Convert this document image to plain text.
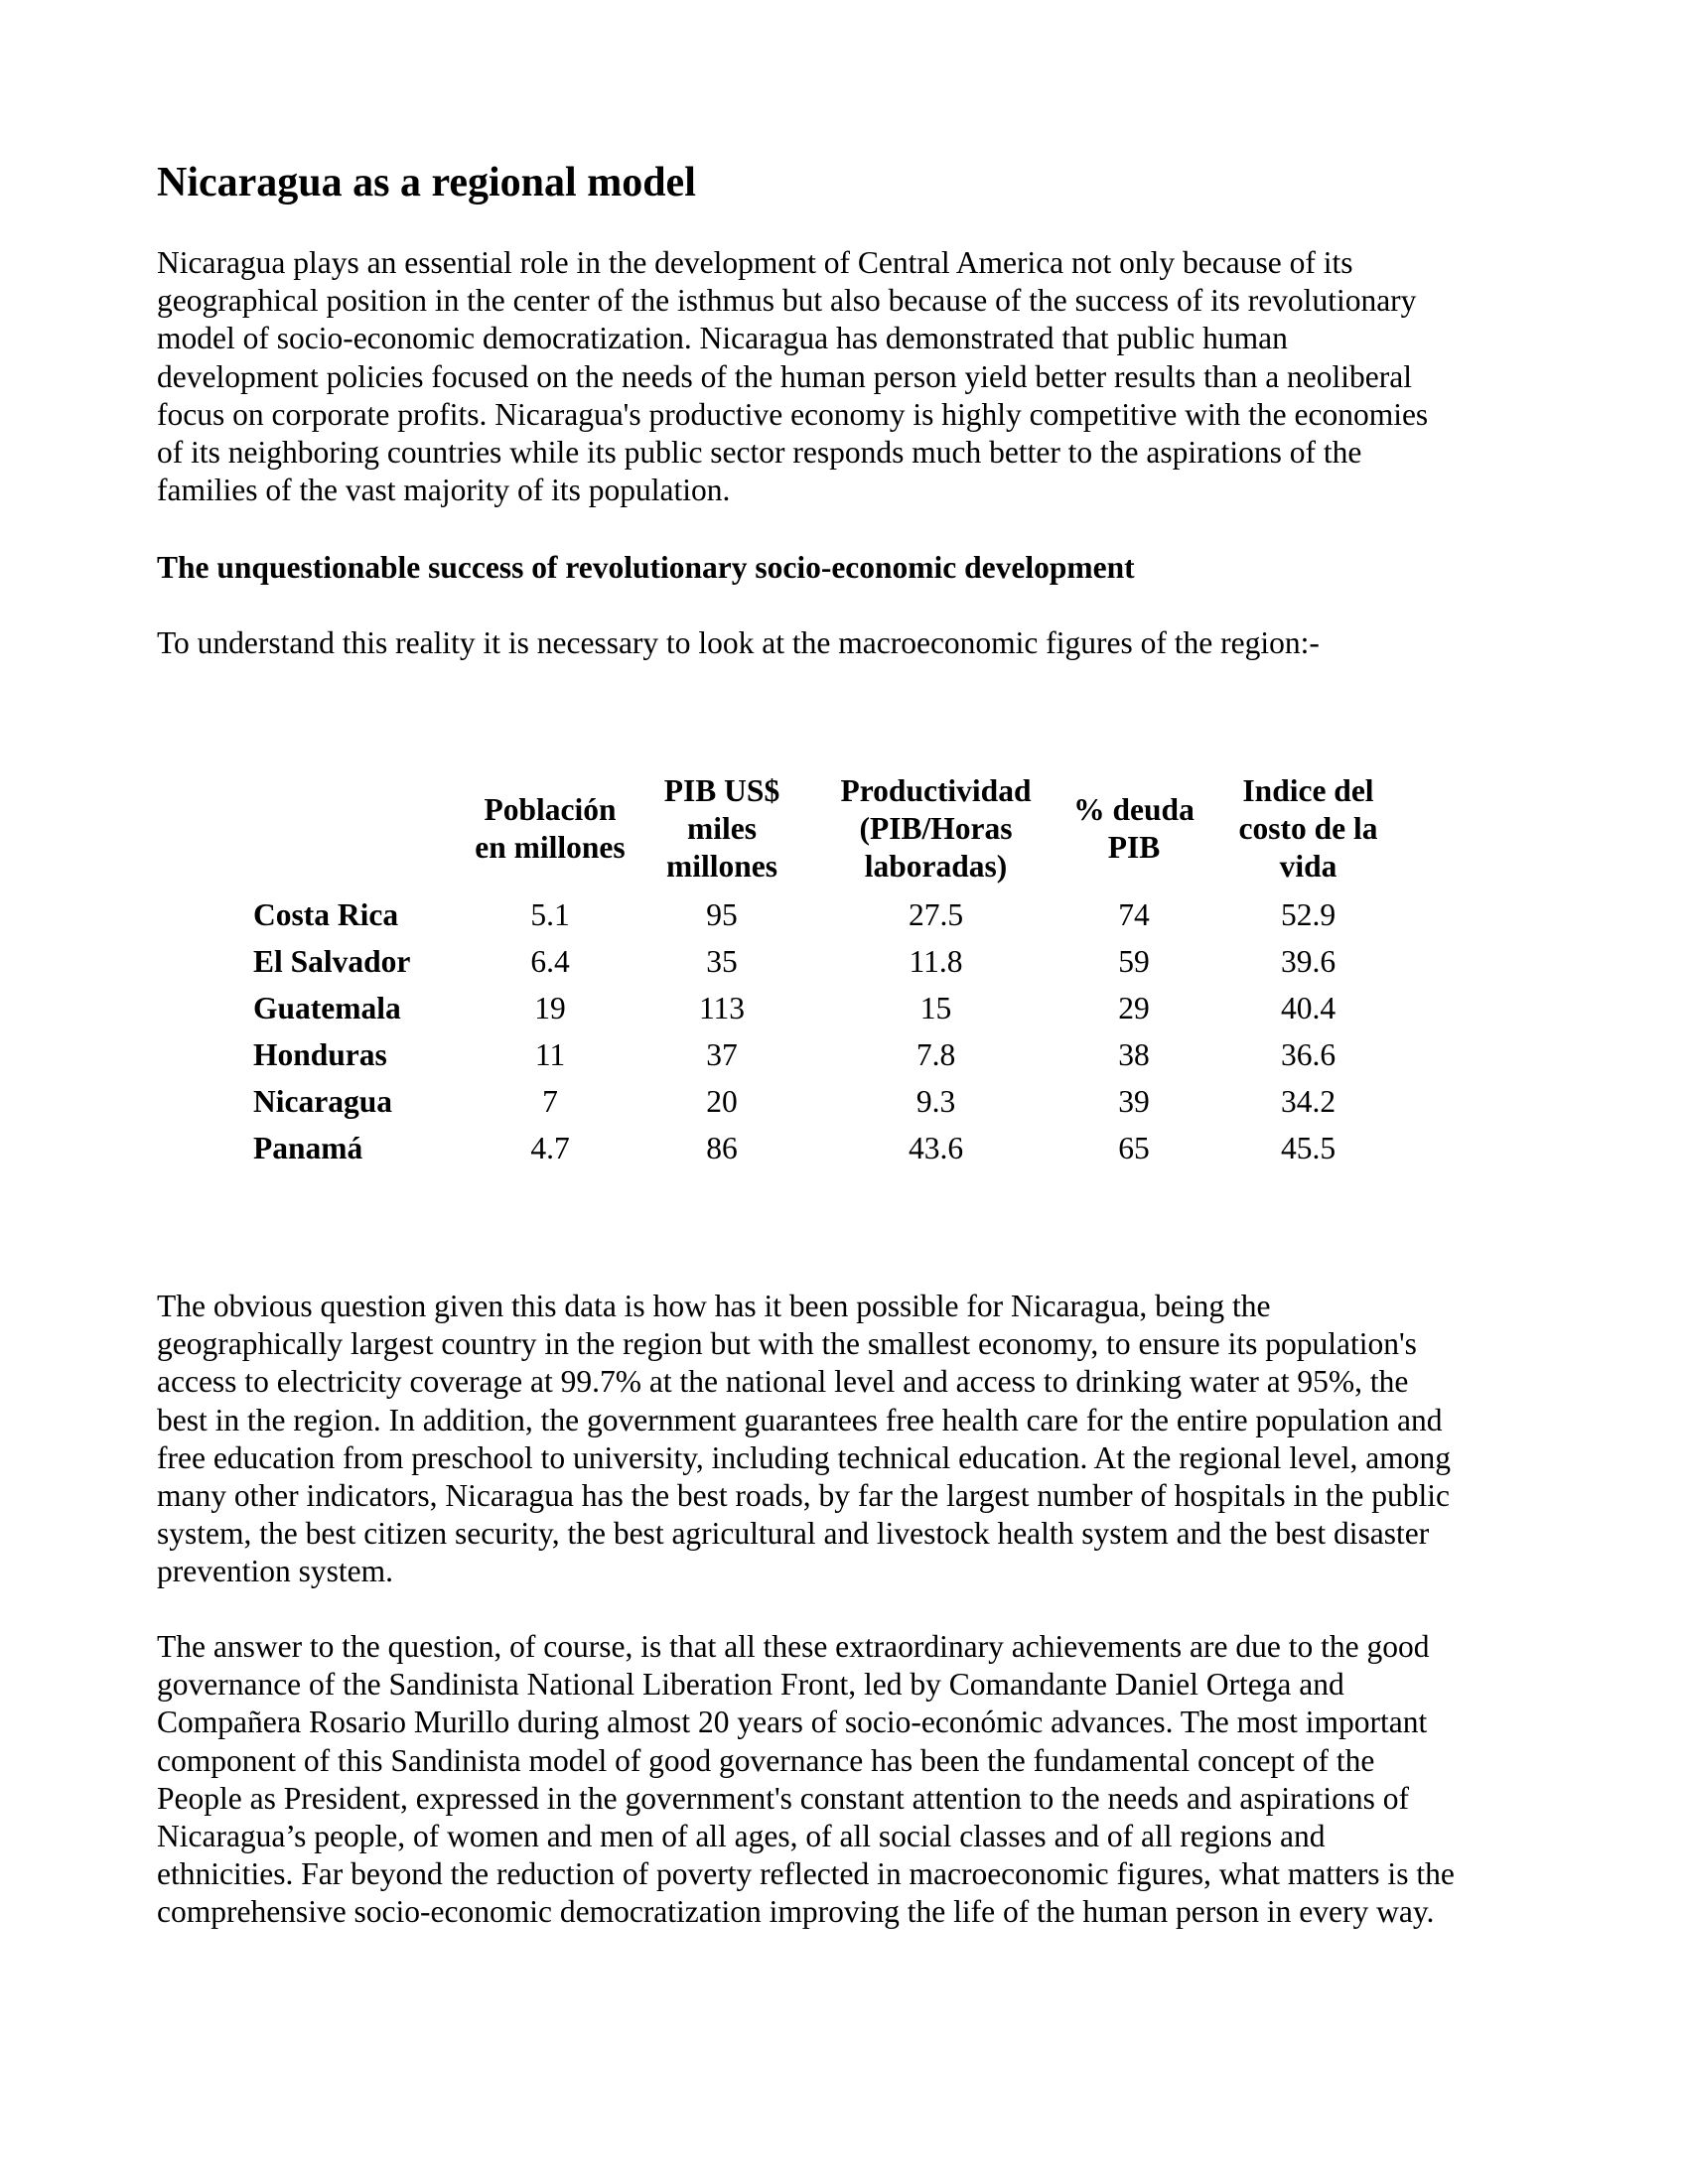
Nicaragua as a regional model

Nicaragua plays an essential role in the development of Central America not only because of its
geographical position in the center of the isthmus but also because of the success of its revolutionary
model of socio-economic democratization. Nicaragua has demonstrated that public human
development policies focused on the needs of the human person yield better results than a neoliberal
focus on corporate profits. Nicaragua's productive economy is highly competitive with the economies
of its neighboring countries while its public sector responds much better to the aspirations of the
families of the vast majority of its population.

The unquestionable success of revolutionary socio-economic development

To understand this reality it is necessary to look at the macroeconomic figures of the region:-

	Población
en millones	PIB US$
miles
millones	Productividad
(PIB/Horas
laboradas)	% deuda
PIB	Indice del
costo de la
vida
Costa Rica	5.1	95	27.5	74	52.9
El Salvador	6.4	35	11.8	59	39.6
Guatemala	19	113	15	29	40.4
Honduras	11	37	7.8	38	36.6
Nicaragua	7	20	9.3	39	34.2
Panamá	4.7	86	43.6	65	45.5

The obvious question given this data is how has it been possible for Nicaragua, being the
geographically largest country in the region but with the smallest economy, to ensure its population's
access to electricity coverage at 99.7% at the national level and access to drinking water at 95%, the
best in the region. In addition, the government guarantees free health care for the entire population and
free education from preschool to university, including technical education. At the regional level, among
many other indicators, Nicaragua has the best roads, by far the largest number of hospitals in the public
system, the best citizen security, the best agricultural and livestock health system and the best disaster
prevention system.

The answer to the question, of course, is that all these extraordinary achievements are due to the good
governance of the Sandinista National Liberation Front, led by Comandante Daniel Ortega and
Compañera Rosario Murillo during almost 20 years of socio-económic advances. The most important
component of this Sandinista model of good governance has been the fundamental concept of the
People as President, expressed in the government's constant attention to the needs and aspirations of
Nicaragua’s people, of women and men of all ages, of all social classes and of all regions and
ethnicities. Far beyond the reduction of poverty reflected in macroeconomic figures, what matters is the
comprehensive socio-economic democratization improving the life of the human person in every way.
